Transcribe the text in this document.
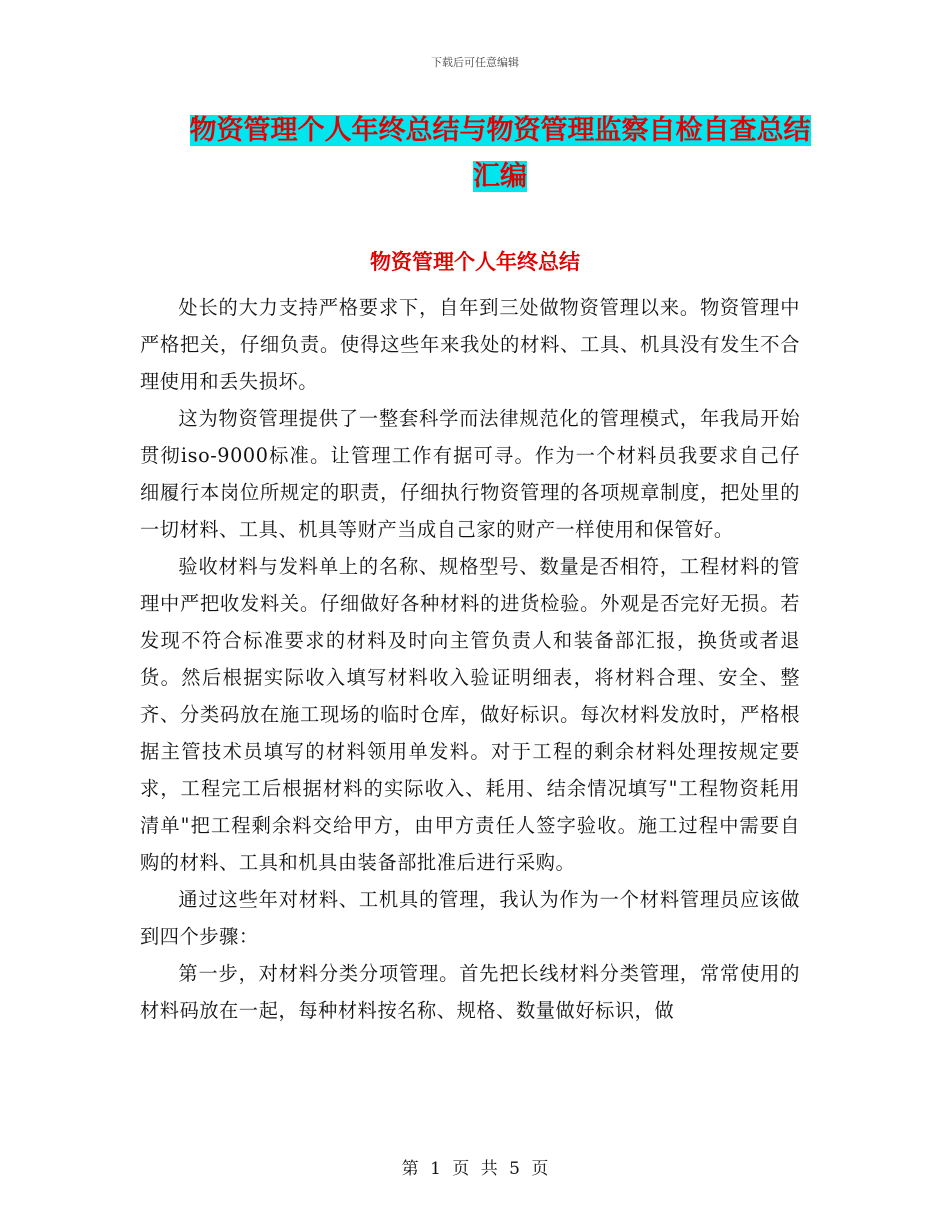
下载后可任意编辑
物资管理个人年终总结与物资管理监察自检自查总结
汇编
物资管理个人年终总结

处长的大力支持严格要求下，自年到三处做物资管理以来。物资管理中严格把关，仔细负责。使得这些年来我处的材料、工具、机具没有发生不合理使用和丢失损坏。

这为物资管理提供了一整套科学而法律规范化的管理模式，年我局开始贯彻iso-9000标准。让管理工作有据可寻。作为一个材料员我要求自己仔细履行本岗位所规定的职责，仔细执行物资管理的各项规章制度，把处里的一切材料、工具、机具等财产当成自己家的财产一样使用和保管好。

验收材料与发料单上的名称、规格型号、数量是否相符，工程材料的管理中严把收发料关。仔细做好各种材料的进货检验。外观是否完好无损。若发现不符合标准要求的材料及时向主管负责人和装备部汇报，换货或者退货。然后根据实际收入填写材料收入验证明细表，将材料合理、安全、整齐、分类码放在施工现场的临时仓库，做好标识。每次材料发放时，严格根据主管技术员填写的材料领用单发料。对于工程的剩余材料处理按规定要求，工程完工后根据材料的实际收入、耗用、结余情况填写"工程物资耗用清单"把工程剩余料交给甲方，由甲方责任人签字验收。施工过程中需要自购的材料、工具和机具由装备部批准后进行采购。

通过这些年对材料、工机具的管理，我认为作为一个材料管理员应该做到四个步骤：

第一步，对材料分类分项管理。首先把长线材料分类管理，常常使用的材料码放在一起，每种材料按名称、规格、数量做好标识，做

第 1 页 共 5 页
